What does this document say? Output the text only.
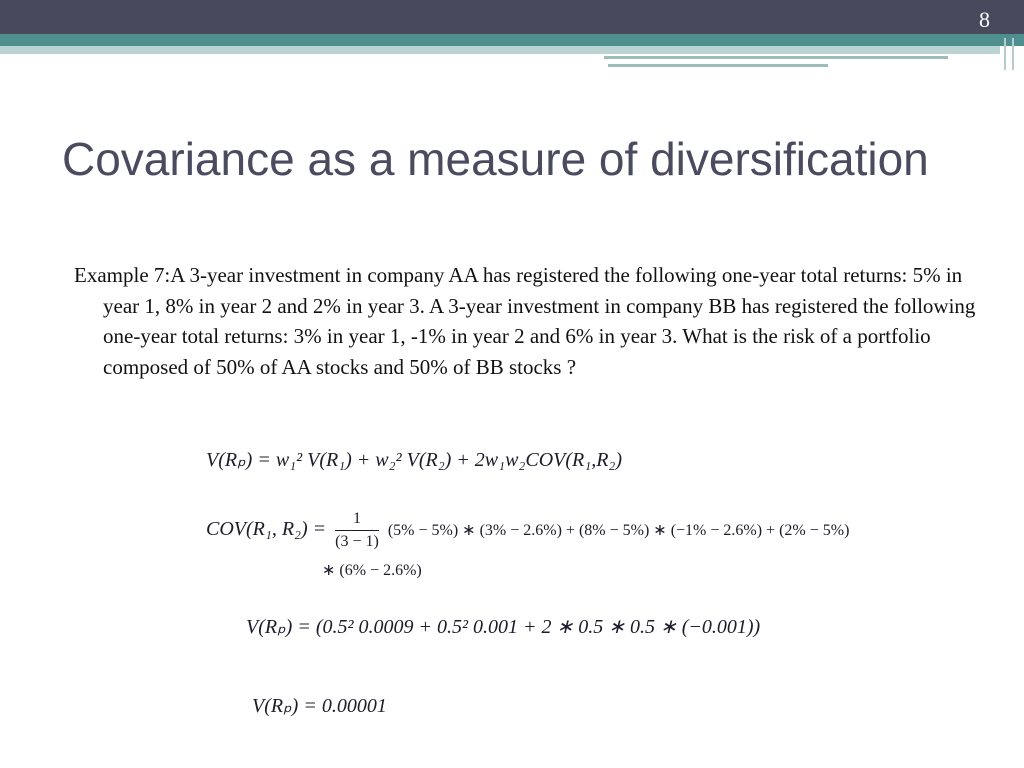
8
Covariance as a measure of diversification
Example 7:A 3-year investment in company AA has registered the following one-year total returns: 5% in year 1, 8% in year 2 and 2% in year 3. A 3-year investment in company BB has registered the following one-year total returns: 3% in year 1, -1% in year 2 and 6% in year 3. What is the risk of a portfolio composed of 50% of AA stocks and 50% of BB stocks ?
V(Rₚ) = w₁² V(R₁) + w₂² V(R₂) + 2w₁w₂COV(R₁,R₂)
COV(R₁, $R_2) = \frac{1}{(3 - 1)} (5\% - 5\%)$ ∗ (3% − 2.6%) + (8% − 5%) ∗ (−1% − 2.6%) + (2% − 5%)
∗ (6% − 2.6%)
V(Rₚ) = (0.5² 0.0009 + 0.5² 0.001 + 2 ∗ 0.5 ∗ 0.5 ∗ (−0.001))
V(Rₚ) = 0.00001
